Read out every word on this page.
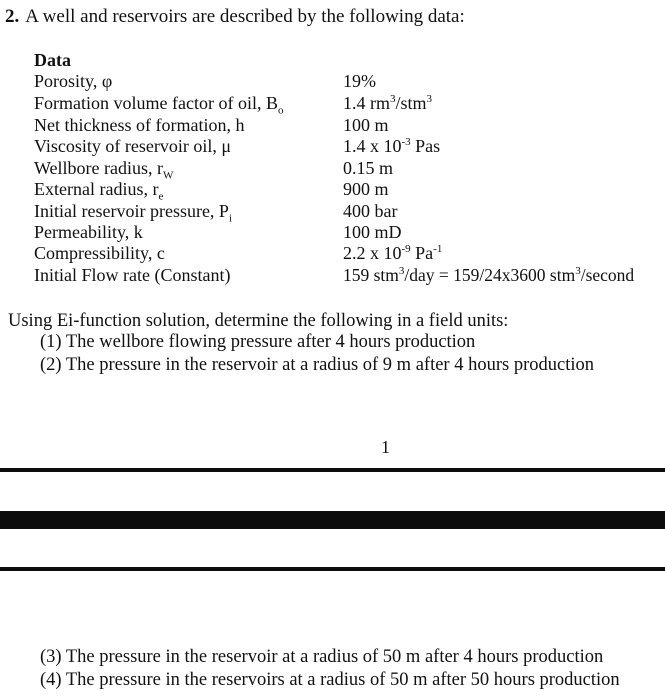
2. A well and reservoirs are described by the following data:
Data
Porosity, φ	19%
Formation volume factor of oil, $B_o$	1.4 $rm^3/stm^3$
Net thickness of formation, h	100 m
Viscosity of reservoir oil, μ	1.4 x $10^{-3}$ Pas
Wellbore radius, $r_W$	0.15 m
External radius, $r_e$	900 m
Initial reservoir pressure, $P_i$	400 bar
Permeability, k	100 mD
Compressibility, c	2.2 x $10^{-9}$ $Pa^{-1}$
Initial Flow rate (Constant)	159 stm$^3$/day = 159/24x3600 stm$^3$/second
Using Ei-function solution, determine the following in a field units:
(1) The wellbore flowing pressure after 4 hours production
(2) The pressure in the reservoir at a radius of 9 m after 4 hours production
1
(3) The pressure in the reservoir at a radius of 50 m after 4 hours production
(4) The pressure in the reservoirs at a radius of 50 m after 50 hours production
